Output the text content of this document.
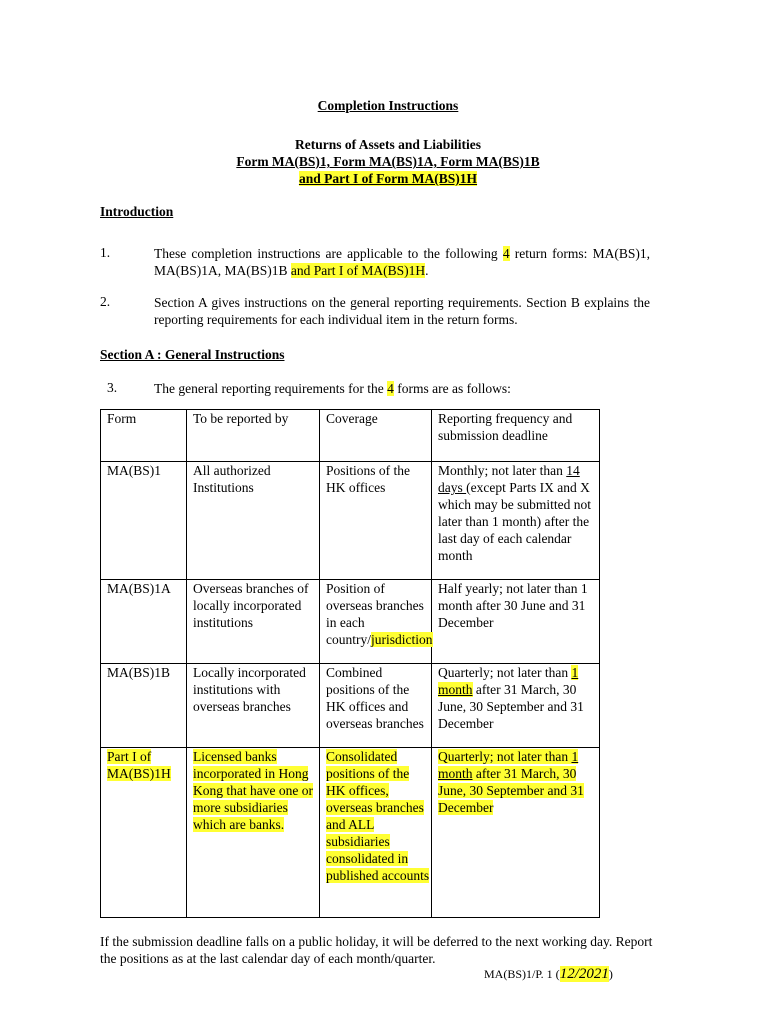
Completion Instructions
Returns of Assets and Liabilities
Form MA(BS)1, Form MA(BS)1A, Form MA(BS)1B
and Part I of Form MA(BS)1H
Introduction
1.	These completion instructions are applicable to the following 4 return forms: MA(BS)1, MA(BS)1A, MA(BS)1B and Part I of MA(BS)1H.
2.	Section A gives instructions on the general reporting requirements. Section B explains the reporting requirements for each individual item in the return forms.
Section A : General Instructions
3.	The general reporting requirements for the 4 forms are as follows:
Form	To be reported by	Coverage	Reporting frequency and submission deadline
MA(BS)1	All authorized Institutions	Positions of the HK offices	Monthly; not later than 14 days (except Parts IX and X which may be submitted not later than 1 month) after the last day of each calendar month
MA(BS)1A	Overseas branches of locally incorporated institutions	Position of overseas branches in each country/jurisdiction	Half yearly; not later than 1 month after 30 June and 31 December
MA(BS)1B	Locally incorporated institutions with overseas branches	Combined positions of the HK offices and overseas branches	Quarterly; not later than 1 month after 31 March, 30 June, 30 September and 31 December
Part I of MA(BS)1H	Licensed banks incorporated in Hong Kong that have one or more subsidiaries which are banks.	Consolidated positions of the HK offices, overseas branches and ALL subsidiaries consolidated in published accounts	Quarterly; not later than 1 month after 31 March, 30 June, 30 September and 31 December
If the submission deadline falls on a public holiday, it will be deferred to the next working day. Report the positions as at the last calendar day of each month/quarter.
MA(BS)1/P. 1 (12/2021)
